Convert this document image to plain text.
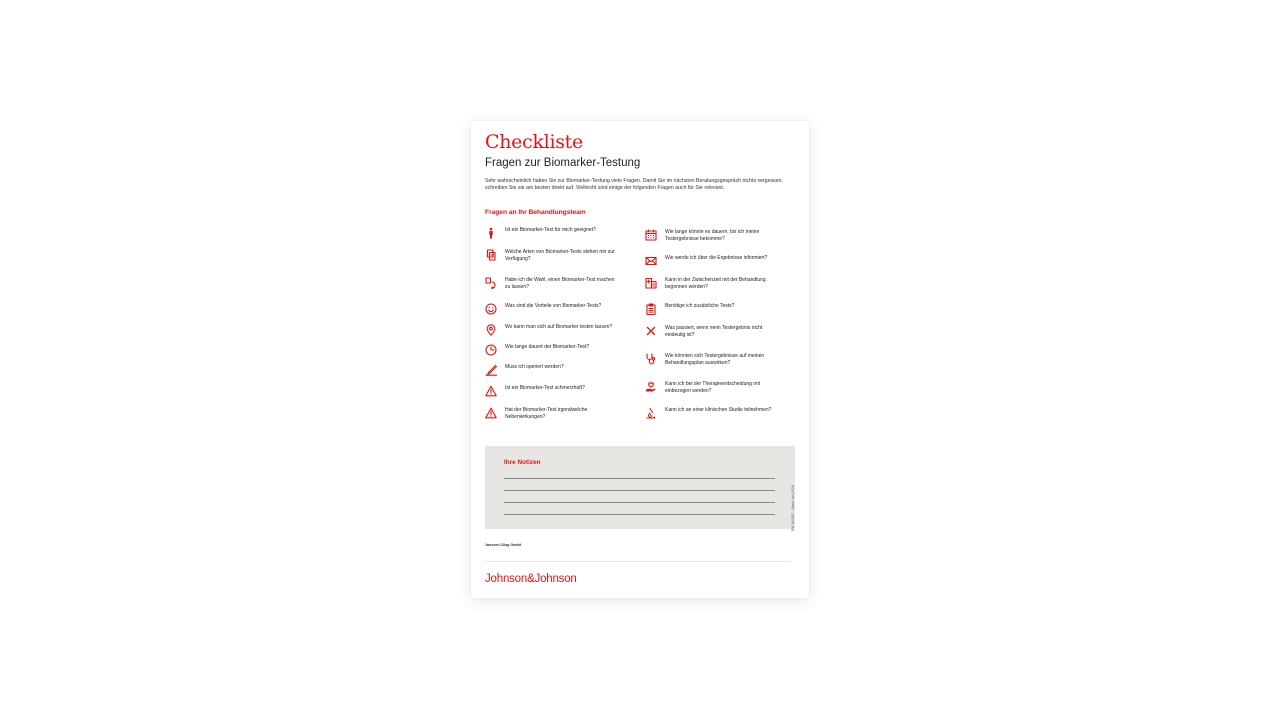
Checkliste
Fragen zur Biomarker-Testung
Sehr wahrscheinlich haben Sie zur Biomarker-Testung viele Fragen. Damit Sie im nächsten Beratungsgespräch nichts vergessen, schreiben Sie sie am besten direkt auf. Vielleicht sind einige der folgenden Fragen auch für Sie relevant.
Fragen an Ihr Behandlungsteam
Ist ein Biomarker-Test für mich geeignet?
Welche Arten von Biomarker-Tests stehen mir zur Verfügung?
Habe ich die Wahl, einen Biomarker-Test machen zu lassen?
Was sind die Vorteile von Biomarker-Tests?
Wo kann man sich auf Biomarker testen lassen?
Wie lange dauert der Biomarker-Test?
Muss ich operiert werden?
Ist ein Biomarker-Test schmerzhaft?
Hat der Biomarker-Test irgendwelche Nebenwirkungen?
Wie lange könnte es dauern, bis ich meine Testergebnisse bekomme?
Wie werde ich über die Ergebnisse informiert?
Kann in der Zwischenzeit mit der Behandlung begonnen werden?
Benötige ich zusätzliche Tests?
Was passiert, wenn mein Testergebnis nicht eindeutig ist?
Wie könnten sich Testergebnisse auf meinen Behandlungsplan auswirken?
Kann ich bei der Therapieentscheidung mit einbezogen werden?
Kann ich an einer klinischen Studie teilnehmen?
Ihre Notizen
EM-160397 – Stand Juni 2024
Janssen-Cilag GmbH
Johnson&Johnson
